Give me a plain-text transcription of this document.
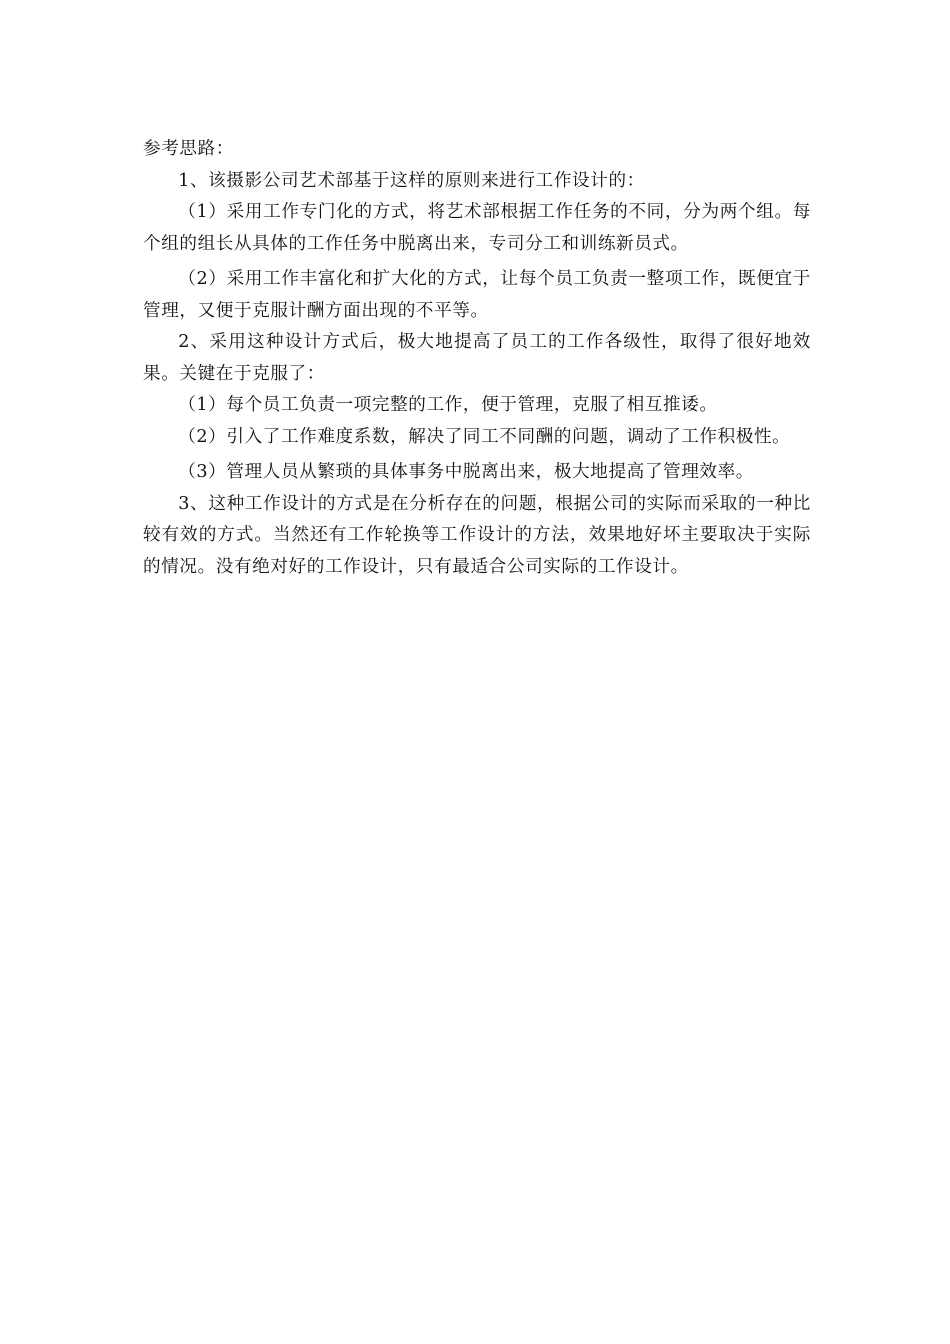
参考思路：

1、该摄影公司艺术部基于这样的原则来进行工作设计的：

（1）采用工作专门化的方式，将艺术部根据工作任务的不同，分为两个组。每个组的组长从具体的工作任务中脱离出来，专司分工和训练新员式。

（2）采用工作丰富化和扩大化的方式，让每个员工负责一整项工作，既便宜于管理，又便于克服计酬方面出现的不平等。

2、采用这种设计方式后，极大地提高了员工的工作各级性，取得了很好地效果。关键在于克服了：

（1）每个员工负责一项完整的工作，便于管理，克服了相互推诿。

（2）引入了工作难度系数，解决了同工不同酬的问题，调动了工作积极性。

（3）管理人员从繁琐的具体事务中脱离出来，极大地提高了管理效率。

3、这种工作设计的方式是在分析存在的问题，根据公司的实际而采取的一种比较有效的方式。当然还有工作轮换等工作设计的方法，效果地好坏主要取决于实际的情况。没有绝对好的工作设计，只有最适合公司实际的工作设计。
